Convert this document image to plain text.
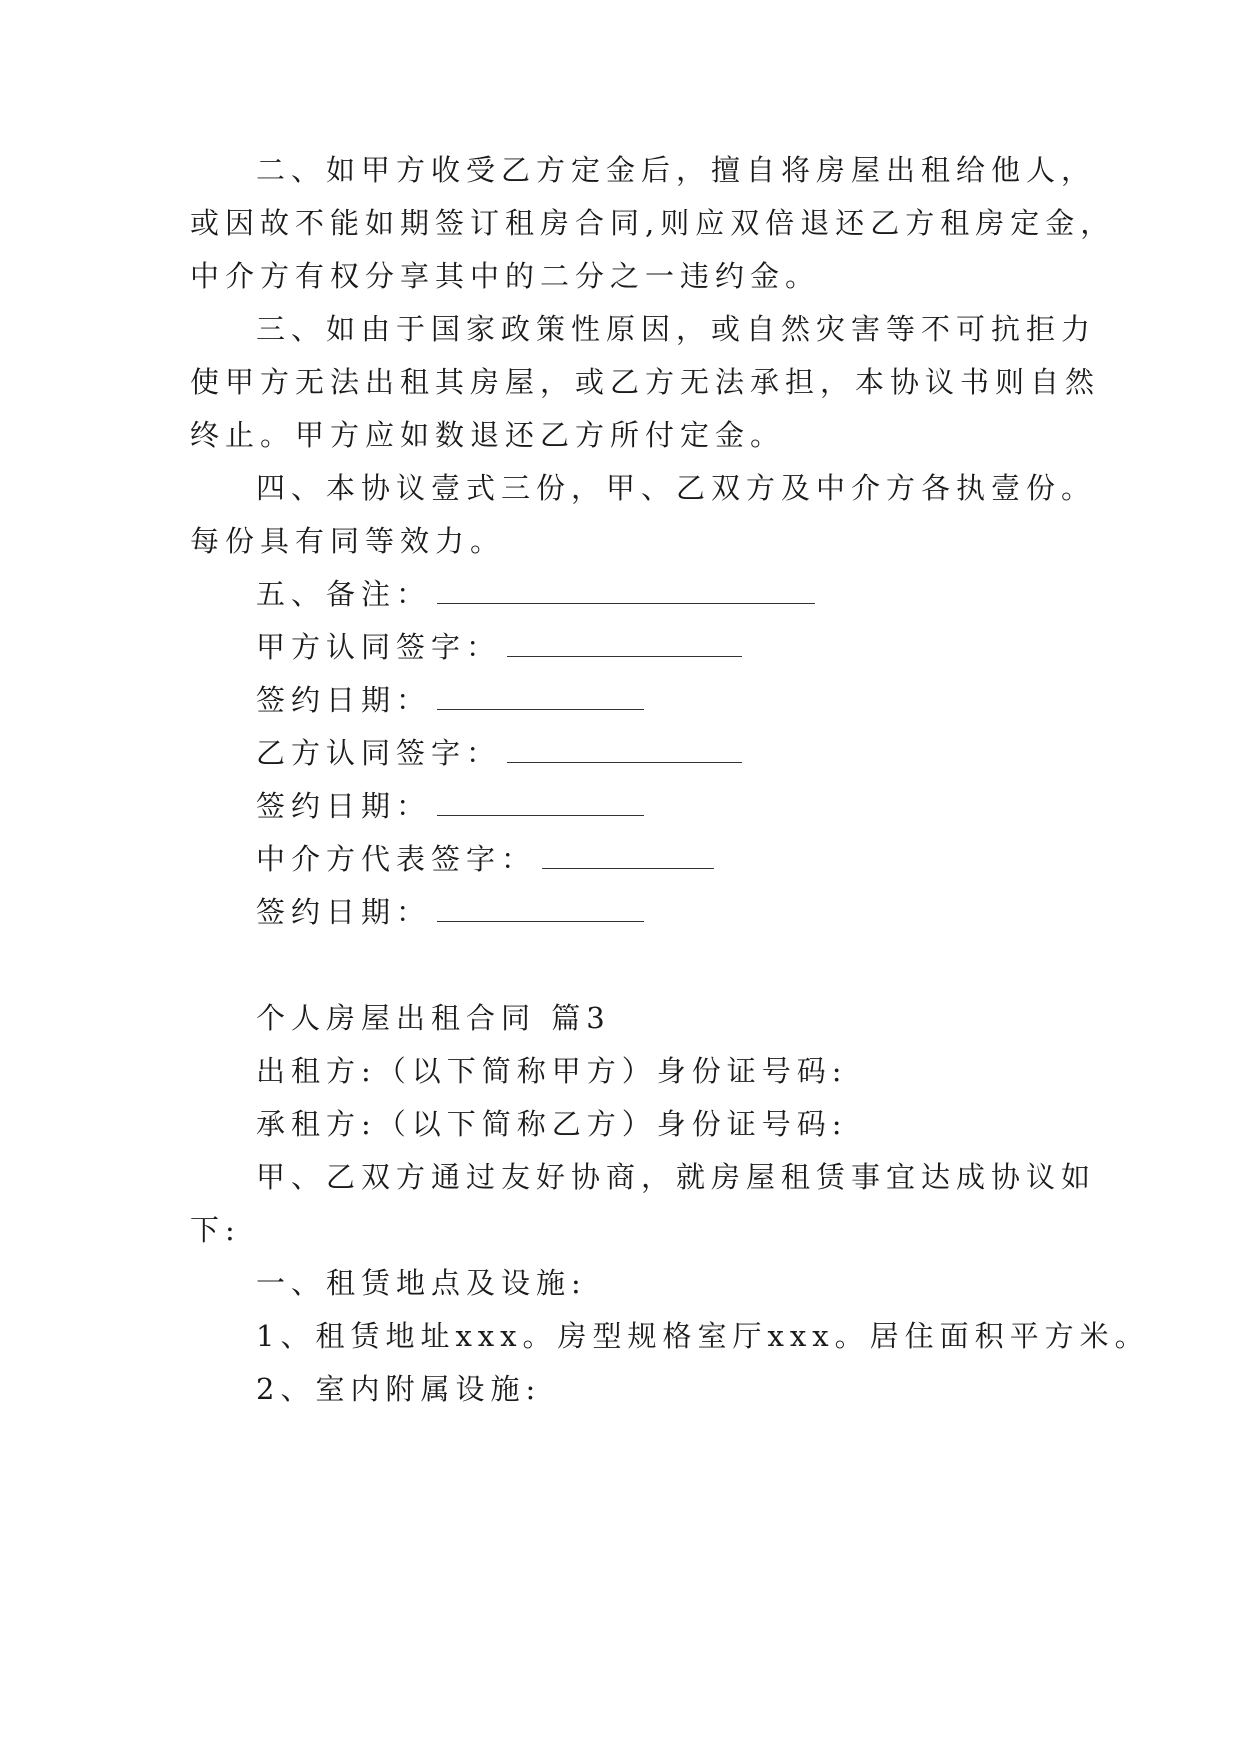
二、如甲方收受乙方定金后，擅自将房屋出租给他人，
或因故不能如期签订租房合同,则应双倍退还乙方租房定金，
中介方有权分享其中的二分之一违约金。
三、如由于国家政策性原因，或自然灾害等不可抗拒力
使甲方无法出租其房屋，或乙方无法承担，本协议书则自然
终止。甲方应如数退还乙方所付定金。
四、本协议壹式三份，甲、乙双方及中介方各执壹份。
每份具有同等效力。
五、备注：
甲方认同签字：
签约日期：
乙方认同签字：
签约日期：
中介方代表签字：
签约日期：
个人房屋出租合同 篇3
出租方:（以下简称甲方）身份证号码:
承租方:（以下简称乙方）身份证号码:
甲、乙双方通过友好协商，就房屋租赁事宜达成协议如
下:
一、租赁地点及设施:
1、租赁地址xxx。房型规格室厅xxx。居住面积平方米。
2、室内附属设施:
